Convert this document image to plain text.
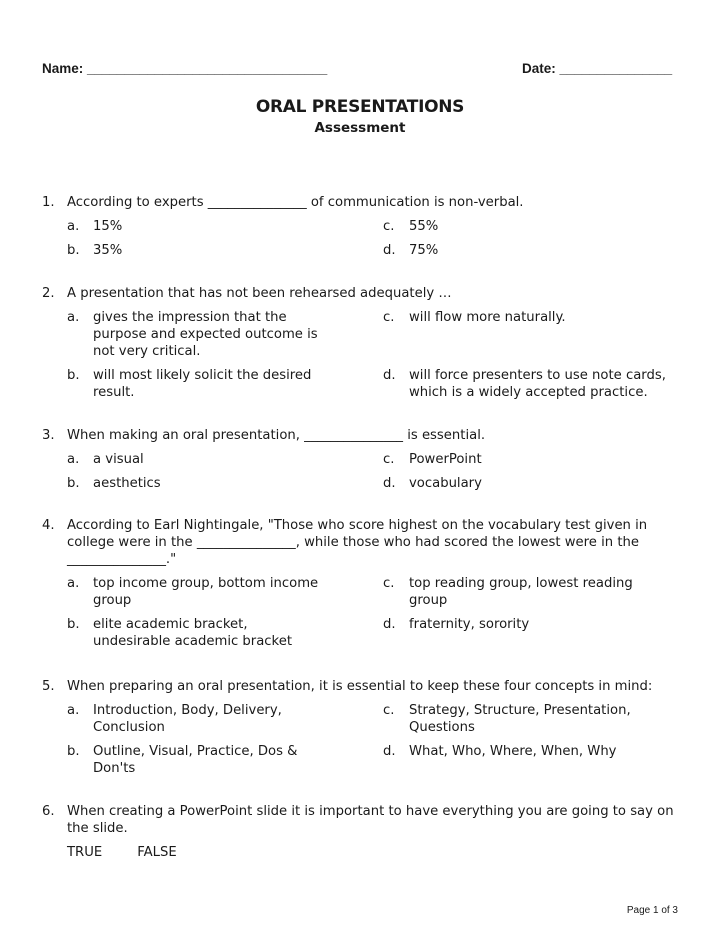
Name: ________________________________	Date: _______________
ORAL PRESENTATIONS
Assessment
1. According to experts _______________ of communication is non-verbal.
a.	15%	c.	55%
b.	35%	d.	75%
2. A presentation that has not been rehearsed adequately …
a.	gives the impression that the purpose and expected outcome is not very critical.
c.	will flow more naturally.
b.	will most likely solicit the desired result.
d.	will force presenters to use note cards, which is a widely accepted practice.
3. When making an oral presentation, _______________ is essential.
a.	a visual	c.	PowerPoint
b.	aesthetics	d.	vocabulary
4. According to Earl Nightingale, "Those who score highest on the vocabulary test given in college were in the _______________, while those who had scored the lowest were in the _______________."
a.	top income group, bottom income group
c.	top reading group, lowest reading group
b.	elite academic bracket, undesirable academic bracket
d.	fraternity, sorority
5. When preparing an oral presentation, it is essential to keep these four concepts in mind:
a.	Introduction, Body, Delivery, Conclusion
c.	Strategy, Structure, Presentation, Questions
b.	Outline, Visual, Practice, Dos & Don'ts
d.	What, Who, Where, When, Why
6. When creating a PowerPoint slide it is important to have everything you are going to say on the slide.
TRUE	FALSE
Page 1 of 3
